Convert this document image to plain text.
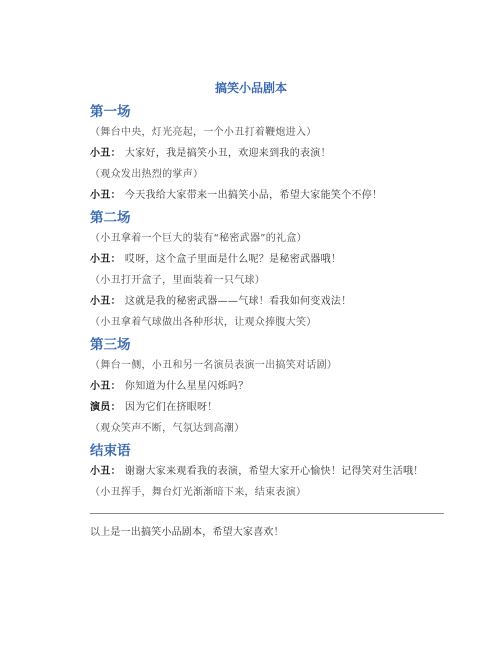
搞笑小品剧本
第一场
（舞台中央，灯光亮起，一个小丑打着鞭炮进入）
小丑： 大家好，我是搞笑小丑，欢迎来到我的表演！
（观众发出热烈的掌声）
小丑： 今天我给大家带来一出搞笑小品，希望大家能笑个不停！
第二场
（小丑拿着一个巨大的装有“秘密武器”的礼盒）
小丑： 哎呀，这个盒子里面是什么呢？是秘密武器哦！
（小丑打开盒子，里面装着一只气球）
小丑： 这就是我的秘密武器——气球！看我如何变戏法！
（小丑拿着气球做出各种形状，让观众捧腹大笑）
第三场
（舞台一侧，小丑和另一名演员表演一出搞笑对话剧）
小丑： 你知道为什么星星闪烁吗？
演员： 因为它们在挤眼呀！
（观众笑声不断，气氛达到高潮）
结束语
小丑： 谢谢大家来观看我的表演，希望大家开心愉快！记得笑对生活哦！
（小丑挥手，舞台灯光渐渐暗下来，结束表演）
以上是一出搞笑小品剧本，希望大家喜欢！
